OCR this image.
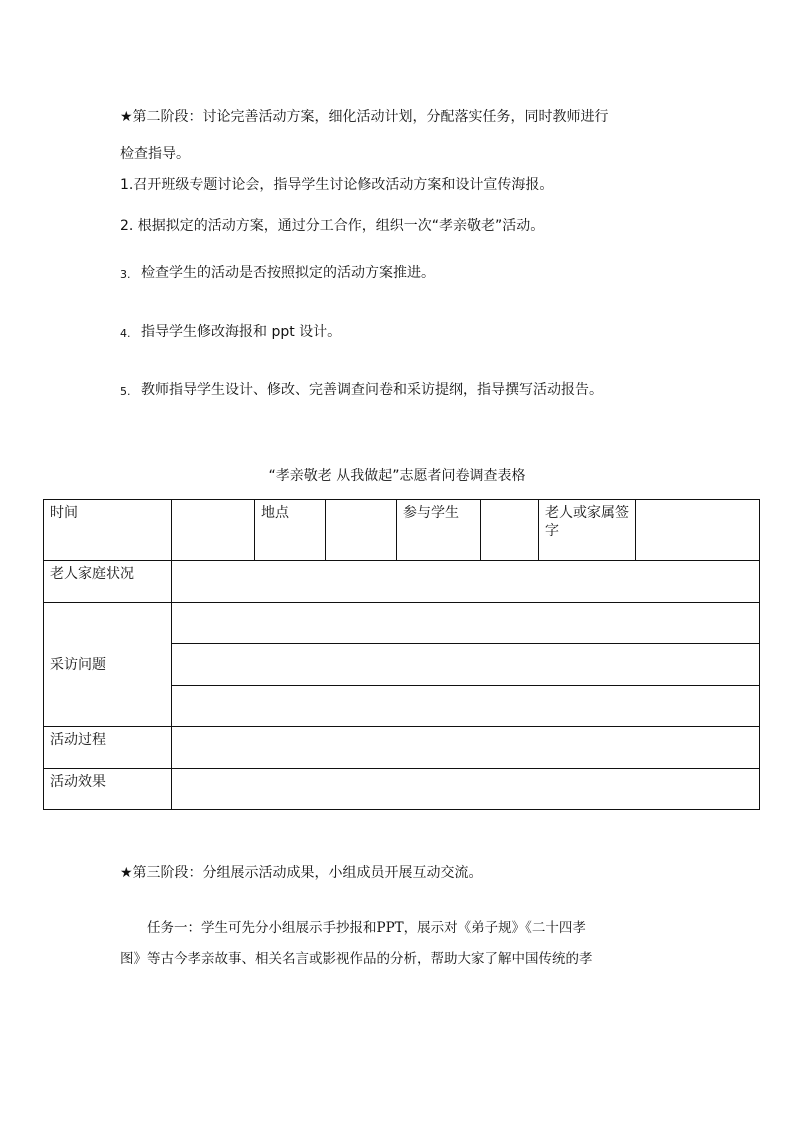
★第二阶段：讨论完善活动方案，细化活动计划，分配落实任务，同时教师进行
检查指导。
1.召开班级专题讨论会，指导学生讨论修改活动方案和设计宣传海报。
2. 根据拟定的活动方案，通过分工合作，组织一次“孝亲敬老”活动。
3. 检查学生的活动是否按照拟定的活动方案推进。
4. 指导学生修改海报和 ppt 设计。
5. 教师指导学生设计、修改、完善调查问卷和采访提纲，指导撰写活动报告。
“孝亲敬老 从我做起”志愿者问卷调查表格
时间		地点		参与学生		老人或家属签字	
老人家庭状况							
采访问题							

活动过程							
活动效果							
★第三阶段：分组展示活动成果，小组成员开展互动交流。
任务一：学生可先分小组展示手抄报和PPT，展示对《弟子规》《二十四孝
图》等古今孝亲故事、相关名言或影视作品的分析，帮助大家了解中国传统的孝
